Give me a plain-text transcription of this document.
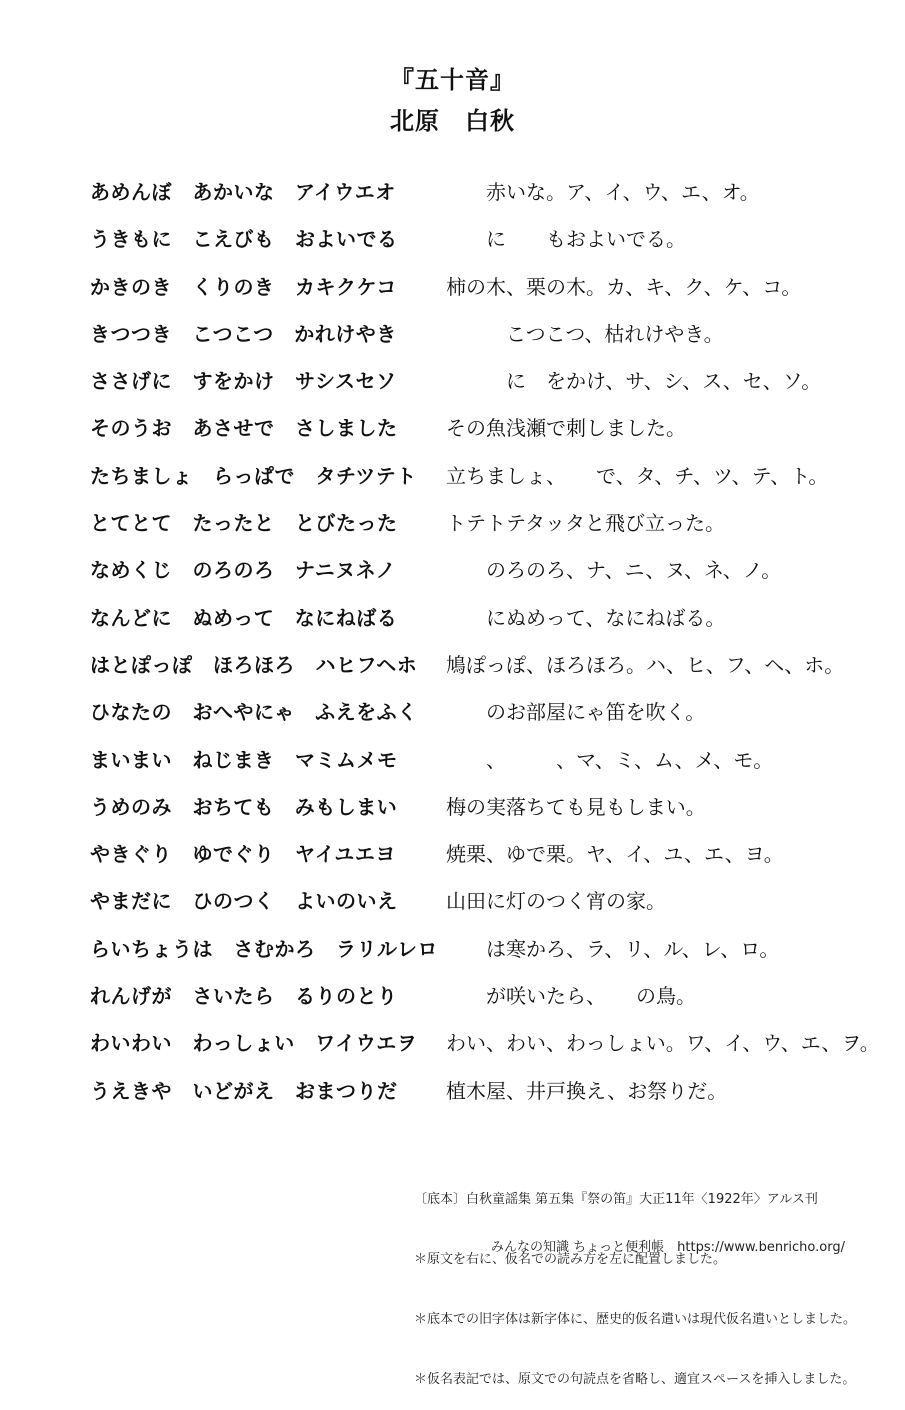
『五十音』
北原　白秋
あめんぼ　あかいな　アイウエオ	　　赤いな。ア、イ、ウ、エ、オ。
うきもに　こえびも　およいでる 　　に　　もおよいでる。
かきのき　くりのき　カキクケコ 柿の木、栗の木。カ、キ、ク、ケ、コ。
きつつき　こつこつ　かれけやき 　　　こつこつ、枯れけやき。
ささげに　すをかけ　サシスセソ 　　　に　をかけ、サ、シ、ス、セ、ソ。
そのうお　あさせで　さしました その魚浅瀬で刺しました。
たちましょ　らっぱで　タチツテト 立ちましょ、　　で、タ、チ、ツ、テ、ト。
とてとて　たったと　とびたった トテトテタッタと飛び立った。
なめくじ　のろのろ　ナニヌネノ 　　のろのろ、ナ、ニ、ヌ、ネ、ノ。
なんどに　ぬめって　なにねばる 　　にぬめって、なにねばる。
はとぽっぽ　ほろほろ　ハヒフヘホ 鳩ぽっぽ、ほろほろ。ハ、ヒ、フ、ヘ、ホ。
ひなたの　おへやにゃ　ふえをふく 　　のお部屋にゃ笛を吹く。
まいまい　ねじまき　マミムメモ 　　、　　　、マ、ミ、ム、メ、モ。
うめのみ　おちても　みもしまい 梅の実落ちても見もしまい。
やきぐり　ゆでぐり　ヤイユエヨ	焼栗、ゆで栗。ヤ、イ、ユ、エ、ヨ。
やまだに　ひのつく　よいのいえ 山田に灯のつく宵の家。
らいちょうは　さむかろ　ラリルレロ 　　は寒かろ、ラ、リ、ル、レ、ロ。
れんげが　さいたら　るりのとり 　　が咲いたら、　　の鳥。
わいわい　わっしょい　ワイウエヲ わい、わい、わっしょい。ワ、イ、ウ、エ、ヲ。
うえきや　いどがえ　おまつりだ 植木屋、井戸換え、お祭りだ。

〔底本〕白秋童謡集 第五集『祭の笛』大正11年〈1922年〉アルス刊

＊原文を右に、仮名での読み方を左に配置しました。

＊底本での旧字体は新字体に、歴史的仮名遣いは現代仮名遣いとしました。

＊仮名表記では、原文での句読点を省略し、適宜スペースを挿入しました。

みんなの知識 ちょっと便利帳　https://www.benricho.org/
